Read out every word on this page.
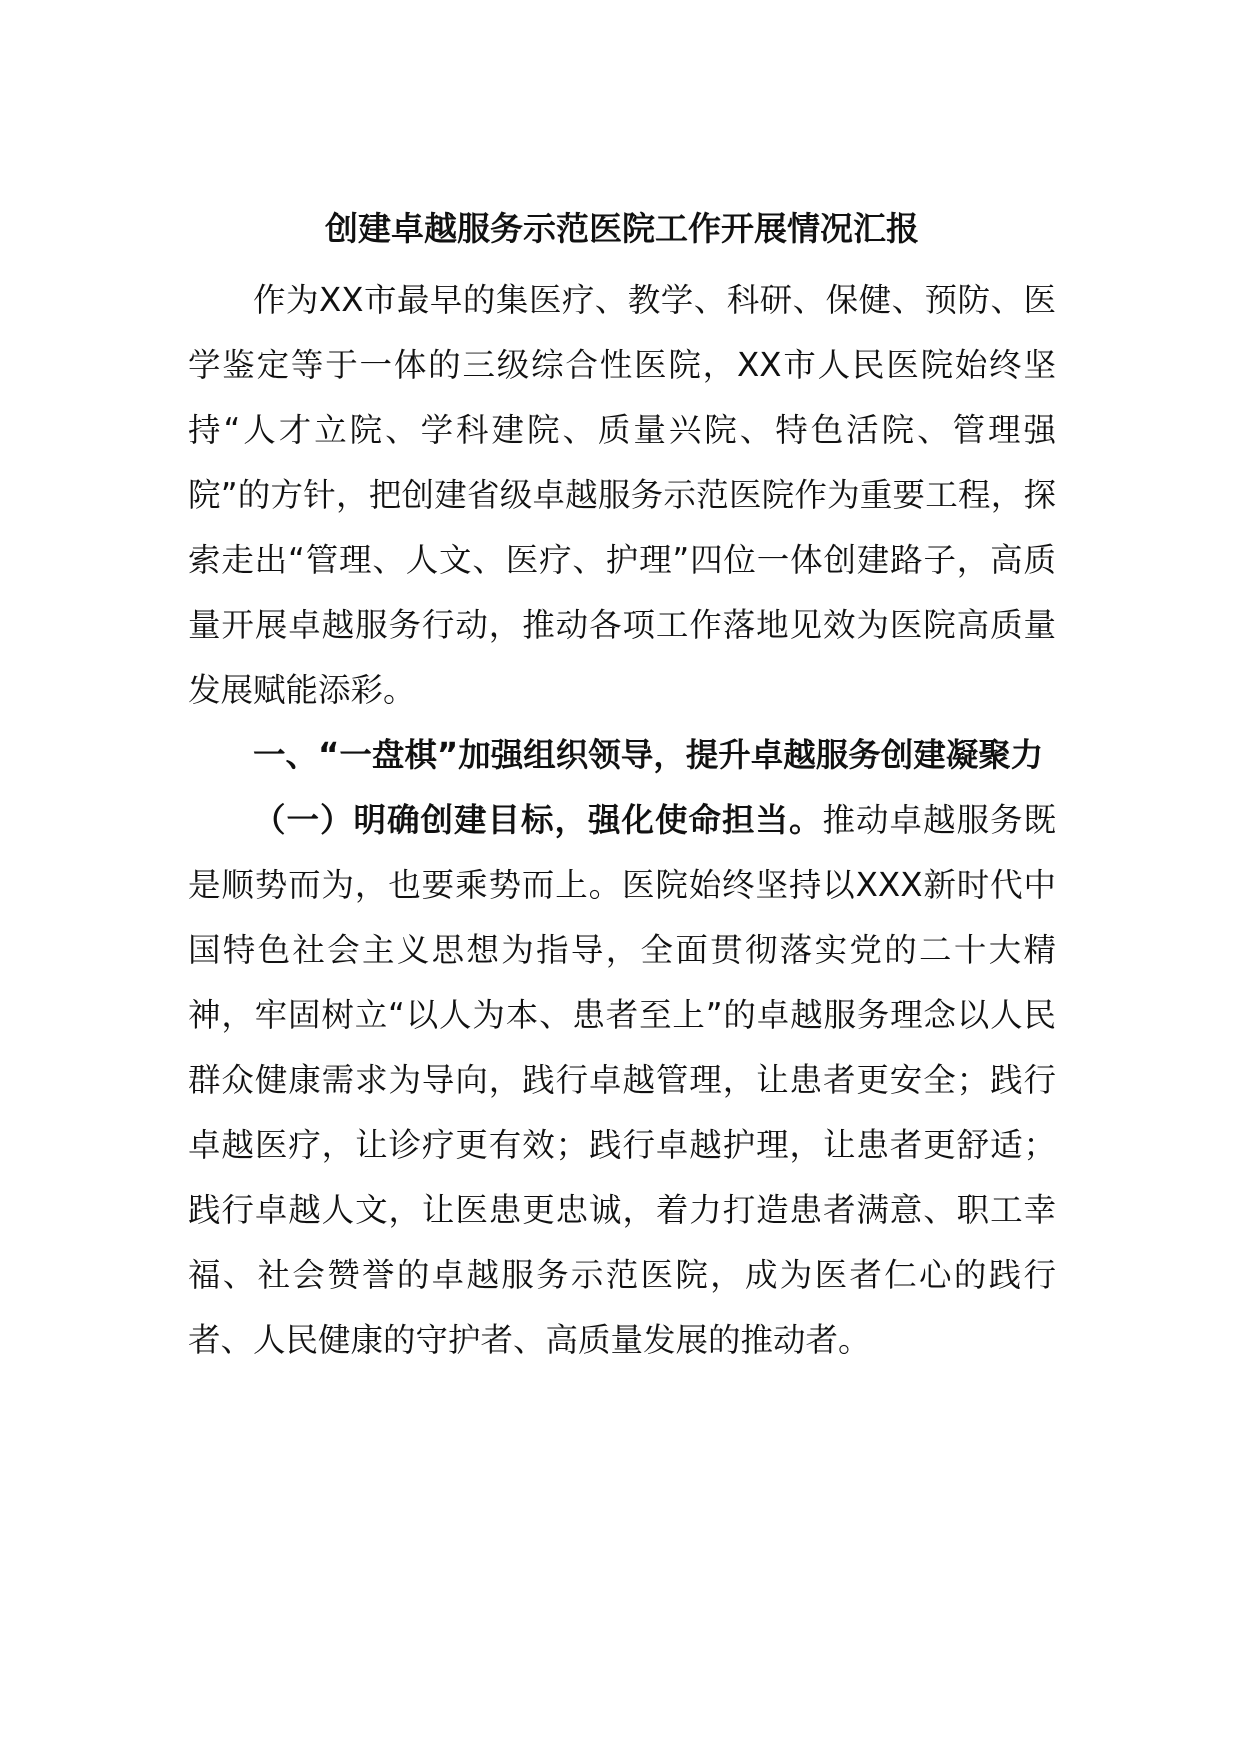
创建卓越服务示范医院工作开展情况汇报

作为XX市最早的集医疗、教学、科研、保健、预防、医学鉴定等于一体的三级综合性医院，XX市人民医院始终坚持“人才立院、学科建院、质量兴院、特色活院、管理强院”的方针，把创建省级卓越服务示范医院作为重要工程，探索走出“管理、人文、医疗、护理”四位一体创建路子，高质量开展卓越服务行动，推动各项工作落地见效为医院高质量发展赋能添彩。

一、“一盘棋”加强组织领导，提升卓越服务创建凝聚力

（一）明确创建目标，强化使命担当。推动卓越服务既是顺势而为，也要乘势而上。医院始终坚持以XXX新时代中国特色社会主义思想为指导，全面贯彻落实党的二十大精神，牢固树立“以人为本、患者至上”的卓越服务理念以人民群众健康需求为导向，践行卓越管理，让患者更安全；践行卓越医疗，让诊疗更有效；践行卓越护理，让患者更舒适；践行卓越人文，让医患更忠诚，着力打造患者满意、职工幸福、社会赞誉的卓越服务示范医院，成为医者仁心的践行者、人民健康的守护者、高质量发展的推动者。
